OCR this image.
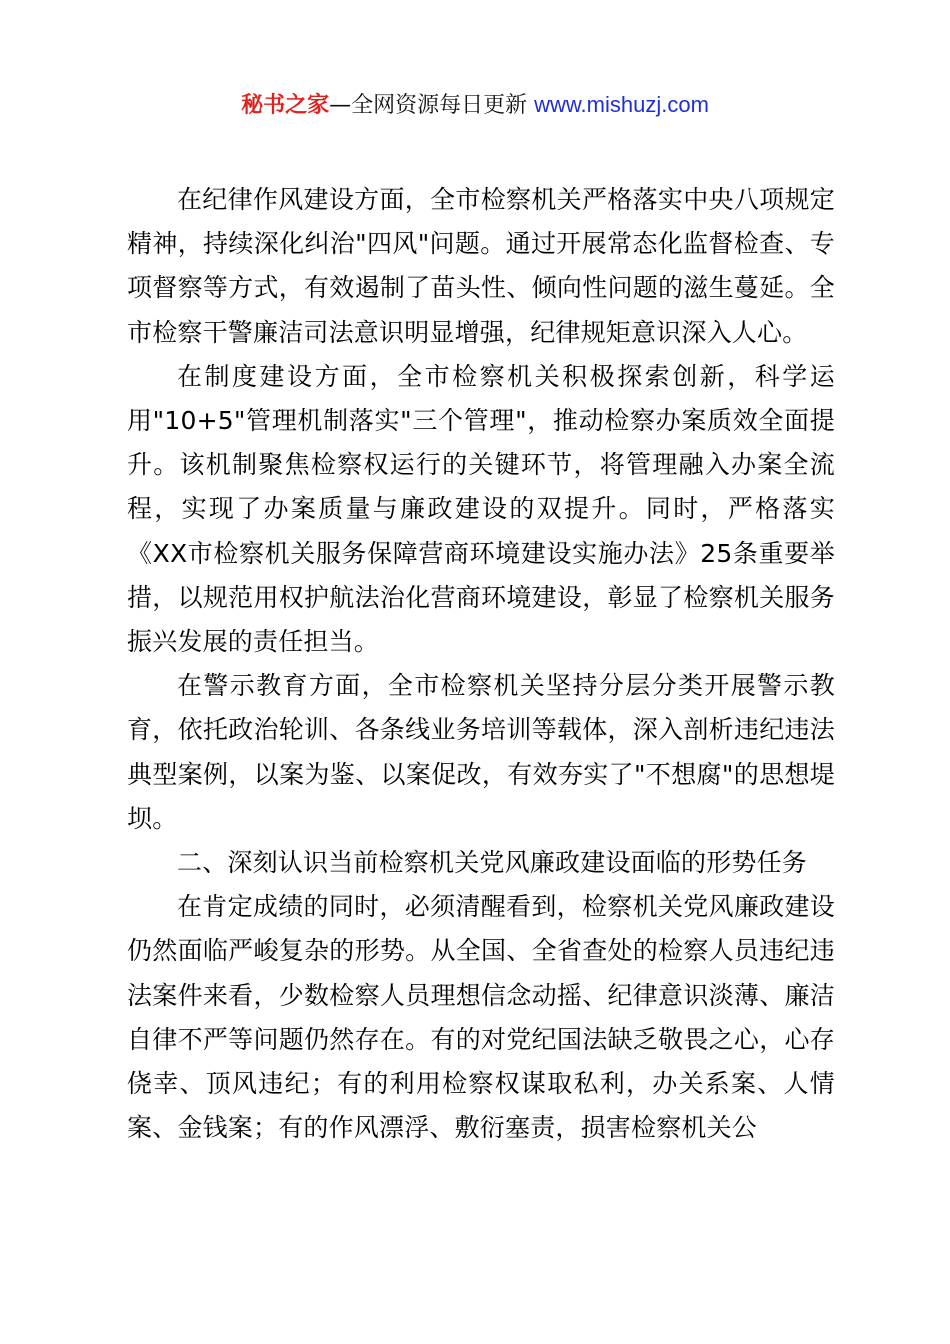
秘书之家—全网资源每日更新 www.mishuzj.com

在纪律作风建设方面，全市检察机关严格落实中央八项规定精神，持续深化纠治"四风"问题。通过开展常态化监督检查、专项督察等方式，有效遏制了苗头性、倾向性问题的滋生蔓延。全市检察干警廉洁司法意识明显增强，纪律规矩意识深入人心。

在制度建设方面，全市检察机关积极探索创新，科学运用"10+5"管理机制落实"三个管理"，推动检察办案质效全面提升。该机制聚焦检察权运行的关键环节，将管理融入办案全流程，实现了办案质量与廉政建设的双提升。同时，严格落实《XX市检察机关服务保障营商环境建设实施办法》25条重要举措，以规范用权护航法治化营商环境建设，彰显了检察机关服务振兴发展的责任担当。

在警示教育方面，全市检察机关坚持分层分类开展警示教育，依托政治轮训、各条线业务培训等载体，深入剖析违纪违法典型案例，以案为鉴、以案促改，有效夯实了"不想腐"的思想堤坝。

二、深刻认识当前检察机关党风廉政建设面临的形势任务

在肯定成绩的同时，必须清醒看到，检察机关党风廉政建设仍然面临严峻复杂的形势。从全国、全省查处的检察人员违纪违法案件来看，少数检察人员理想信念动摇、纪律意识淡薄、廉洁自律不严等问题仍然存在。有的对党纪国法缺乏敬畏之心，心存侥幸、顶风违纪；有的利用检察权谋取私利，办关系案、人情案、金钱案；有的作风漂浮、敷衍塞责，损害检察机关公
